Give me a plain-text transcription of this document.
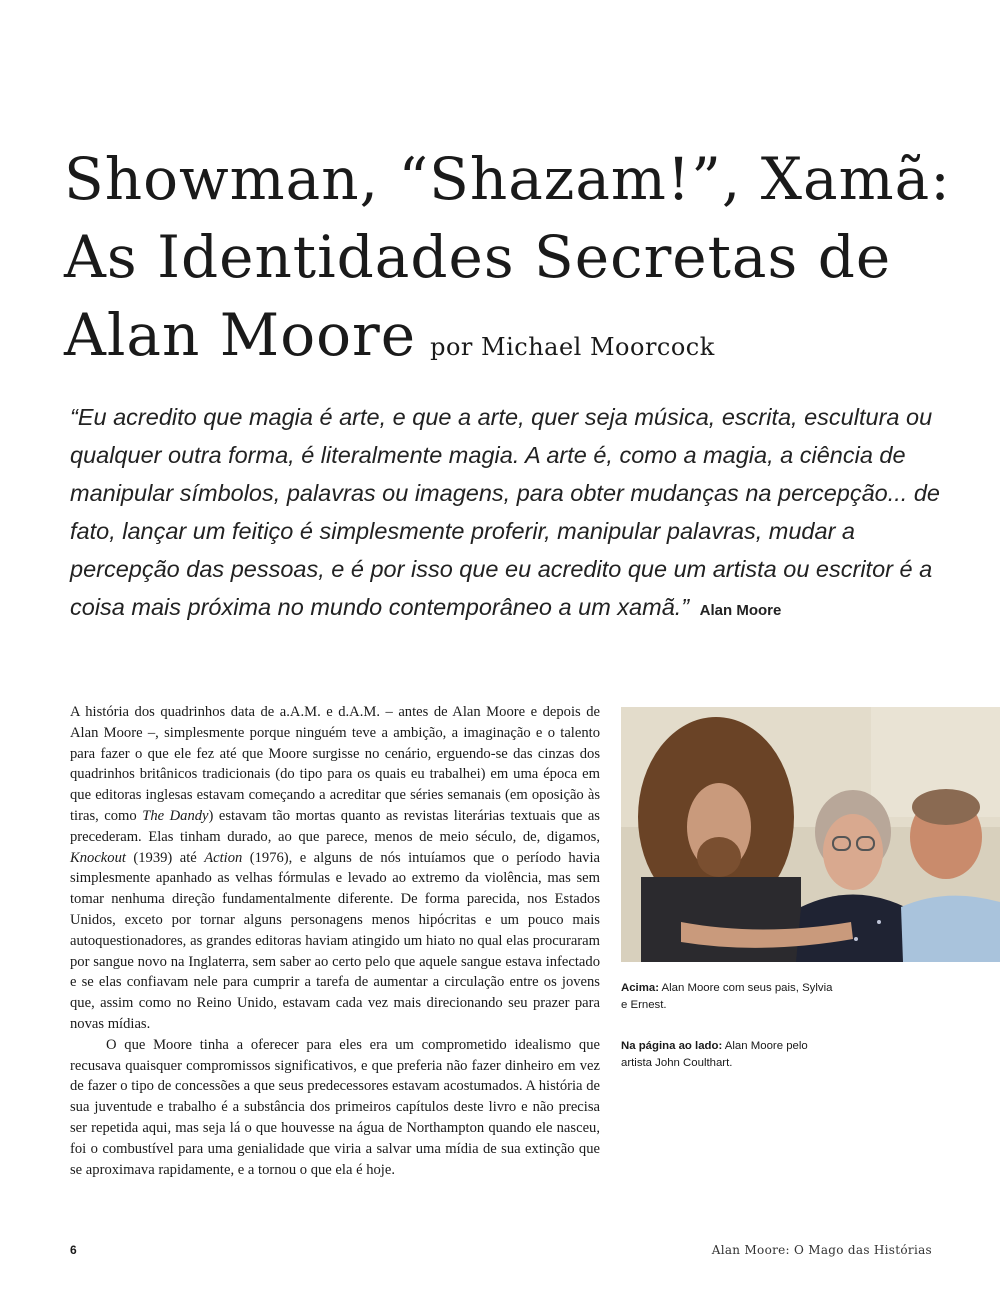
Showman, “Shazam!”, Xamã:
As Identidades Secretas de
Alan Moore por Michael Moorcock

“Eu acredito que magia é arte, e que a arte, quer seja música, escrita, escultura ou qualquer outra forma, é literalmente magia. A arte é, como a magia, a ciência de manipular símbolos, palavras ou imagens, para obter mudanças na percepção... de fato, lançar um feitiço é simplesmente proferir, manipular palavras, mudar a percepção das pessoas, e é por isso que eu acredito que um artista ou escritor é a coisa mais próxima no mundo contemporâneo a um xamã.” Alan Moore

A história dos quadrinhos data de a.A.M. e d.A.M. – antes de Alan Moore e depois de Alan Moore –, simplesmente porque ninguém teve a ambição, a imaginação e o talento para fazer o que ele fez até que Moore surgisse no cenário, erguendo-se das cinzas dos quadrinhos britânicos tradicionais (do tipo para os quais eu trabalhei) em uma época em que editoras inglesas estavam começando a acreditar que séries semanais (em oposição às tiras, como The Dandy) estavam tão mortas quanto as revistas literárias textuais que as precederam. Elas tinham durado, ao que parece, menos de meio século, de, digamos, Knockout (1939) até Action (1976), e alguns de nós intuíamos que o período havia simplesmente apanhado as velhas fórmulas e levado ao extremo da violência, mas sem tomar nenhuma direção fundamentalmente diferente. De forma parecida, nos Estados Unidos, exceto por tornar alguns personagens menos hipócritas e um pouco mais autoquestionadores, as grandes editoras haviam atingido um hiato no qual elas procuraram por sangue novo na Inglaterra, sem saber ao certo pelo que aquele sangue estava infectado e se elas confiavam nele para cumprir a tarefa de aumentar a circulação entre os jovens que, assim como no Reino Unido, estavam cada vez mais direcionando seu prazer para novas mídias.

O que Moore tinha a oferecer para eles era um comprometido idealismo que recusava quaisquer compromissos significativos, e que preferia não fazer dinheiro em vez de fazer o tipo de concessões a que seus predecessores estavam acostumados. A história de sua juventude e trabalho é a substância dos primeiros capítulos deste livro e não precisa ser repetida aqui, mas seja lá o que houvesse na água de Northampton quando ele nasceu, foi o combustível para uma genialidade que viria a salvar uma mídia de sua extinção que se aproximava rapidamente, e a tornou o que ela é hoje.

Acima: Alan Moore com seus pais, Sylvia e Ernest.

Na página ao lado: Alan Moore pelo artista John Coulthart.

6	Alan Moore: O Mago das Histórias
